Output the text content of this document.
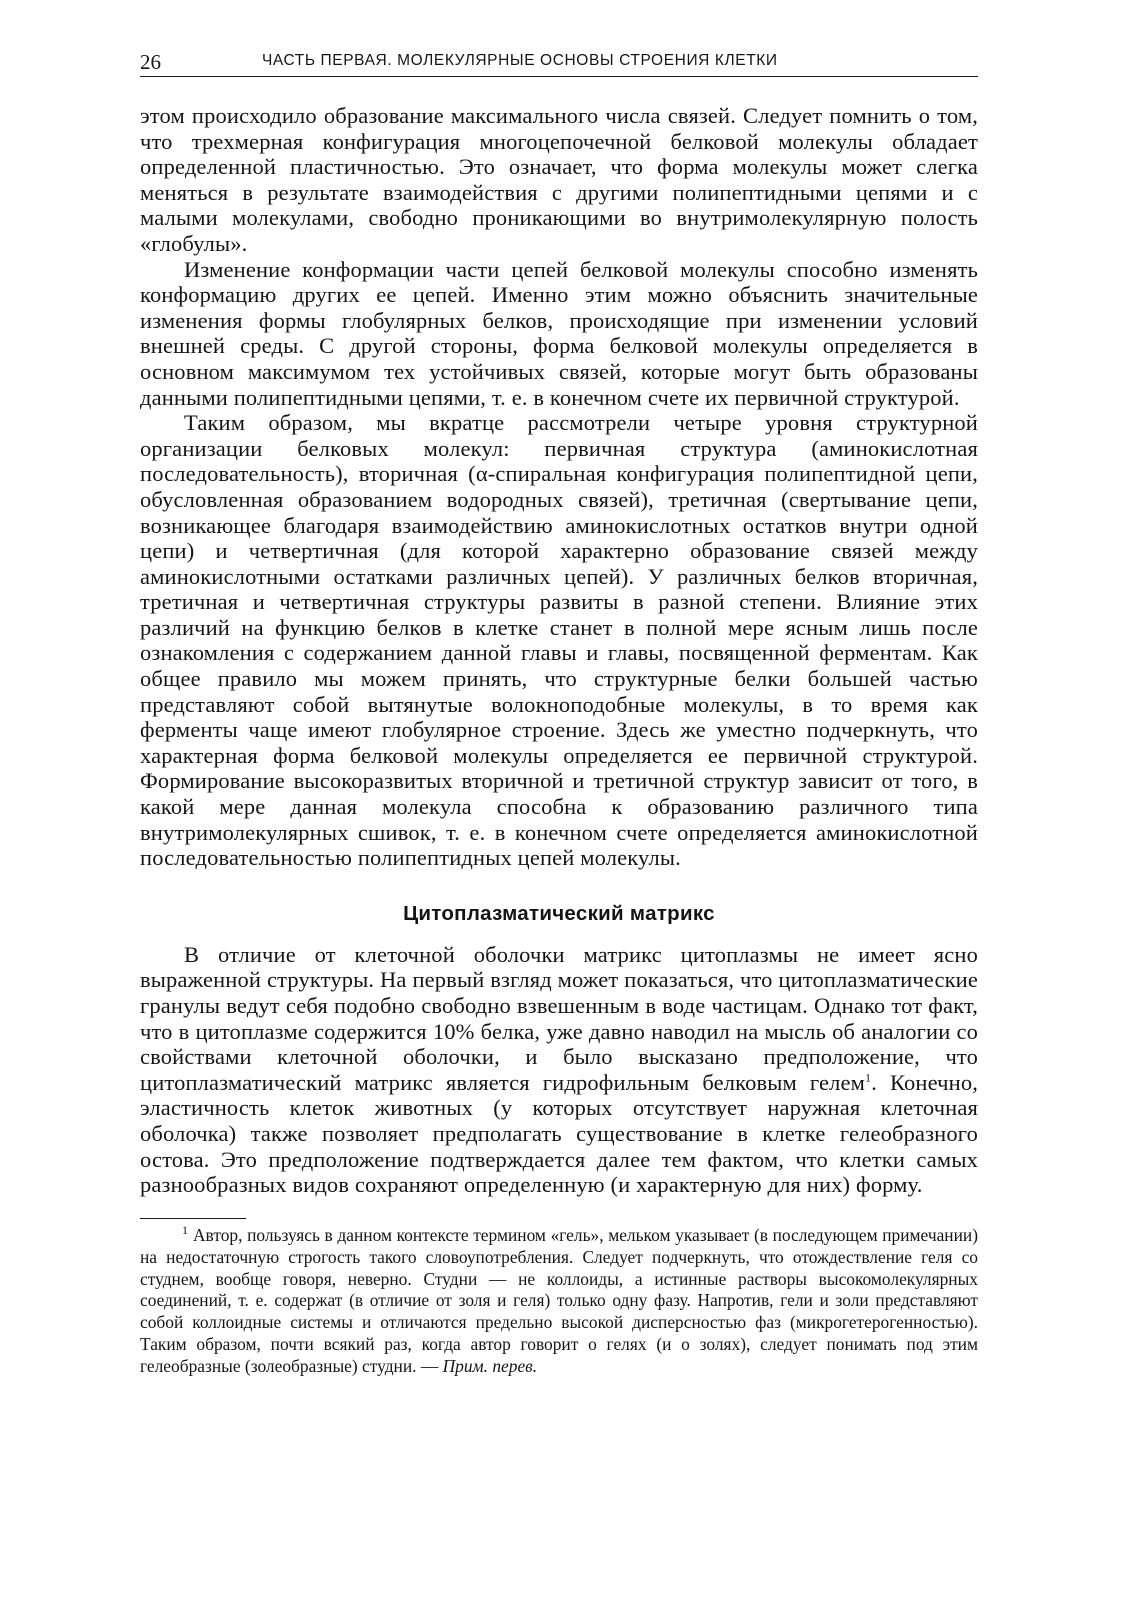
26	ЧАСТЬ ПЕРВАЯ. МОЛЕКУЛЯРНЫЕ ОСНОВЫ СТРОЕНИЯ КЛЕТКИ

этом происходило образование максимального числа связей. Следует помнить о том, что трехмерная конфигурация многоцепочечной белковой молекулы обладает определенной пластичностью. Это означает, что форма молекулы может слегка меняться в результате взаимодействия с другими полипептидными цепями и с малыми молекулами, свободно проникающими во внутримолекулярную полость «глобулы».

Изменение конформации части цепей белковой молекулы способно изменять конформацию других ее цепей. Именно этим можно объяснить значительные изменения формы глобулярных белков, происходящие при изменении условий внешней среды. С другой стороны, форма белковой молекулы определяется в основном максимумом тех устойчивых связей, которые могут быть образованы данными полипептидными цепями, т. е. в конечном счете их первичной структурой.

Таким образом, мы вкратце рассмотрели четыре уровня структурной организации белковых молекул: первичная структура (аминокислотная последовательность), вторичная (α-спиральная конфигурация полипептидной цепи, обусловленная образованием водородных связей), третичная (свертывание цепи, возникающее благодаря взаимодействию аминокислотных остатков внутри одной цепи) и четвертичная (для которой характерно образование связей между аминокислотными остатками различных цепей). У различных белков вторичная, третичная и четвертичная структуры развиты в разной степени. Влияние этих различий на функцию белков в клетке станет в полной мере ясным лишь после ознакомления с содержанием данной главы и главы, посвященной ферментам. Как общее правило мы можем принять, что структурные белки большей частью представляют собой вытянутые волокноподобные молекулы, в то время как ферменты чаще имеют глобулярное строение. Здесь же уместно подчеркнуть, что характерная форма белковой молекулы определяется ее первичной структурой. Формирование высокоразвитых вторичной и третичной структур зависит от того, в какой мере данная молекула способна к образованию различного типа внутримолекулярных сшивок, т. е. в конечном счете определяется аминокислотной последовательностью полипептидных цепей молекулы.

Цитоплазматический матрикс

В отличие от клеточной оболочки матрикс цитоплазмы не имеет ясно выраженной структуры. На первый взгляд может показаться, что цитоплазматические гранулы ведут себя подобно свободно взвешенным в воде частицам. Однако тот факт, что в цитоплазме содержится 10% белка, уже давно наводил на мысль об аналогии со свойствами клеточной оболочки, и было высказано предположение, что цитоплазматический матрикс является гидрофильным белковым гелем$^1$. Конечно, эластичность клеток животных (у которых отсутствует наружная клеточная оболочка) также позволяет предполагать существование в клетке гелеобразного остова. Это предположение подтверждается далее тем фактом, что клетки самых разнообразных видов сохраняют определенную (и характерную для них) форму.

$^1$ Автор, пользуясь в данном контексте термином «гель», мельком указывает (в последующем примечании) на недостаточную строгость такого словоупотребления. Следует подчеркнуть, что отождествление геля со студнем, вообще говоря, неверно. Студни — не коллоиды, а истинные растворы высокомолекулярных соединений, т. е. содержат (в отличие от золя и геля) только одну фазу. Напротив, гели и золи представляют собой коллоидные системы и отличаются предельно высокой дисперсностью фаз (микрогетерогенностью). Таким образом, почти всякий раз, когда автор говорит о гелях (и о золях), следует понимать под этим гелеобразные (золеобразные) студни. — Прим. перев.
